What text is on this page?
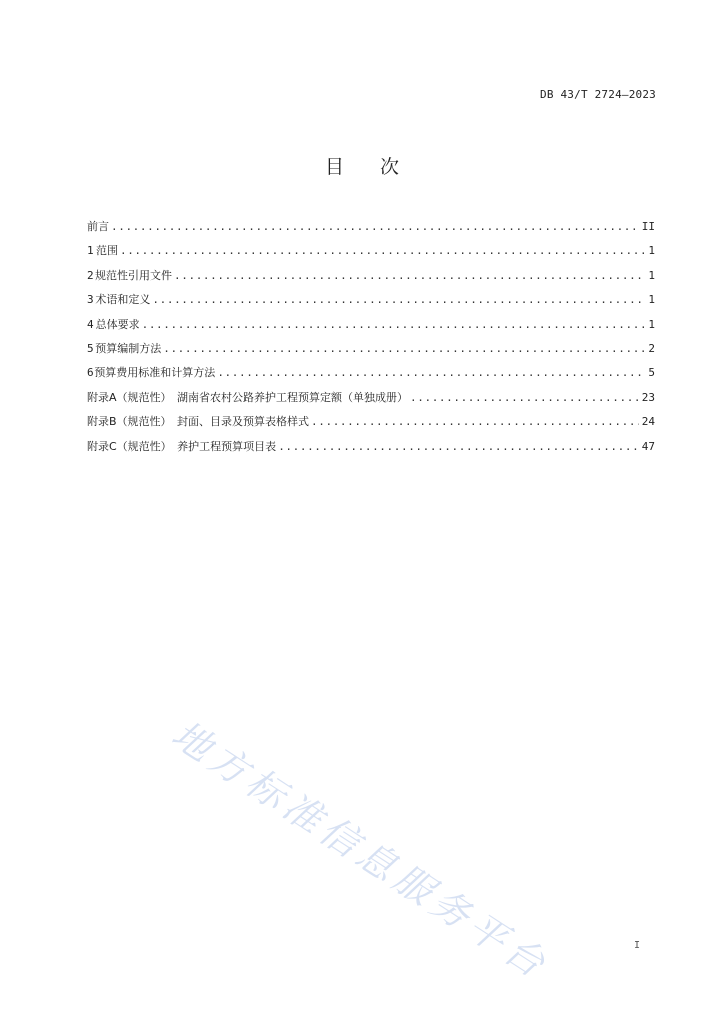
DB 43/T 2724—2023
目 次
前言 .....	II
1 范围 .....	1
2 规范性引用文件 .....	1
3 术语和定义 .....	1
4 总体要求 .....	1
5 预算编制方法 .....	2
6 预算费用标准和计算方法 .....	5
附录A（规范性）　湖南省农村公路养护工程预算定额（单独成册） .....	23
附录B（规范性）　封面、目录及预算表格样式 .....	24
附录C（规范性）　养护工程预算项目表 .....	47
地方标准信息服务平台	I
